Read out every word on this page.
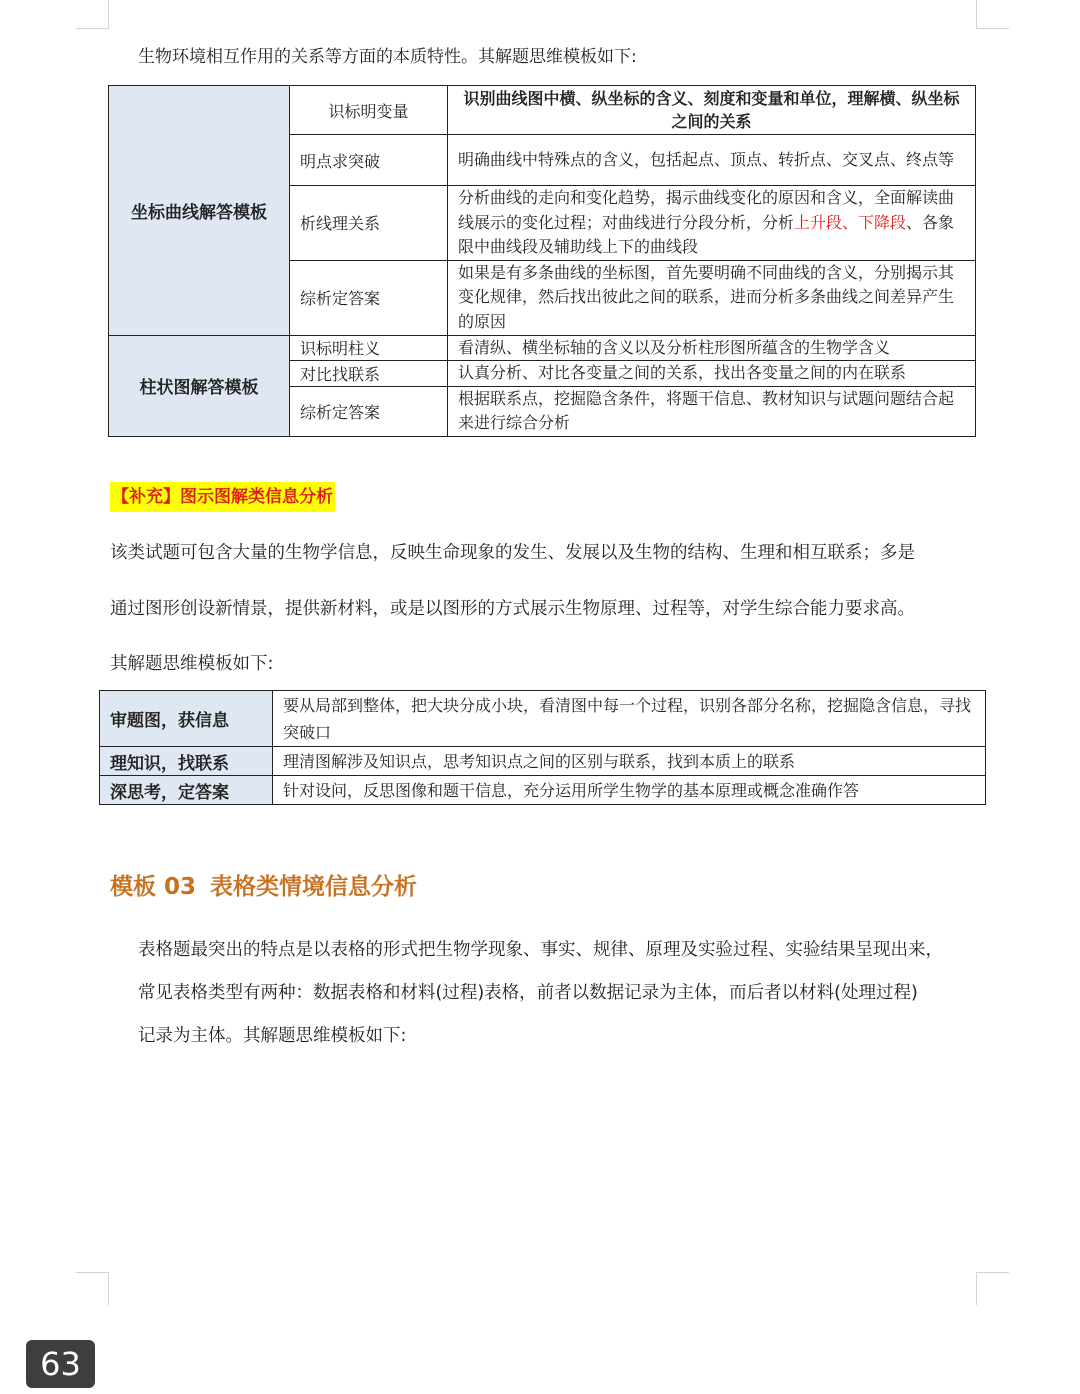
生物环境相互作用的关系等方面的本质特性。其解题思维模板如下:

坐标曲线解答模板	识标明变量	识别曲线图中横、纵坐标的含义、刻度和变量和单位，理解横、纵坐标之间的关系
	明点求突破	明确曲线中特殊点的含义，包括起点、顶点、转折点、交叉点、终点等
	析线理关系	分析曲线的走向和变化趋势，揭示曲线变化的原因和含义，全面解读曲线展示的变化过程；对曲线进行分段分析，分析上升段、下降段、各象限中曲线段及辅助线上下的曲线段
	综析定答案	如果是有多条曲线的坐标图，首先要明确不同曲线的含义，分别揭示其变化规律，然后找出彼此之间的联系，进而分析多条曲线之间差异产生的原因
柱状图解答模板	识标明柱义	看清纵、横坐标轴的含义以及分析柱形图所蕴含的生物学含义
	对比找联系	认真分析、对比各变量之间的关系，找出各变量之间的内在联系
	综析定答案	根据联系点，挖掘隐含条件，将题干信息、教材知识与试题问题结合起来进行综合分析
【补充】图示图解类信息分析

该类试题可包含大量的生物学信息，反映生命现象的发生、发展以及生物的结构、生理和相互联系；多是

通过图形创设新情景，提供新材料，或是以图形的方式展示生物原理、过程等，对学生综合能力要求高。

其解题思维模板如下:

审题图，获信息	要从局部到整体，把大块分成小块，看清图中每一个过程，识别各部分名称，挖掘隐含信息，寻找突破口
理知识，找联系	理清图解涉及知识点，思考知识点之间的区别与联系，找到本质上的联系
深思考，定答案	针对设问，反思图像和题干信息，充分运用所学生物学的基本原理或概念准确作答
模板 03 表格类情境信息分析

表格题最突出的特点是以表格的形式把生物学现象、事实、规律、原理及实验过程、实验结果呈现出来，

常见表格类型有两种：数据表格和材料(过程)表格，前者以数据记录为主体，而后者以材料(处理过程)

记录为主体。其解题思维模板如下:

63
